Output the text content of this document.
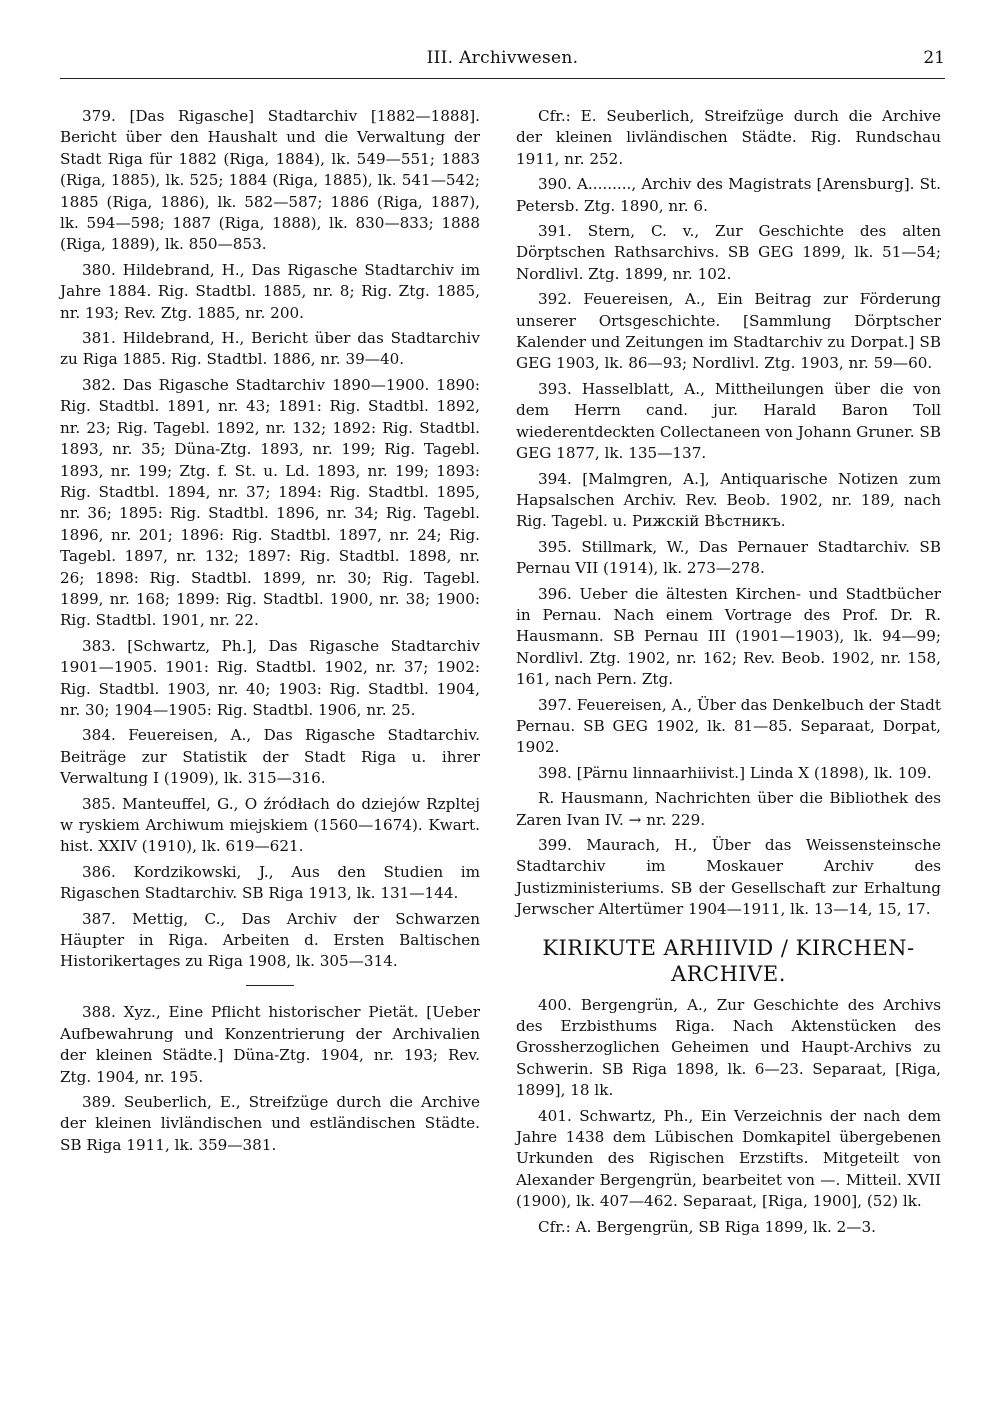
III. Archivwesen.	21

379. [Das Rigasche] Stadtarchiv [1882—1888]. Bericht über den Haushalt und die Verwaltung der Stadt Riga für 1882 (Riga, 1884), lk. 549—551; 1883 (Riga, 1885), lk. 525; 1884 (Riga, 1885), lk. 541—542; 1885 (Riga, 1886), lk. 582—587; 1886 (Riga, 1887), lk. 594—598; 1887 (Riga, 1888), lk. 830—833; 1888 (Riga, 1889), lk. 850—853.

380. Hildebrand, H., Das Rigasche Stadtarchiv im Jahre 1884. Rig. Stadtbl. 1885, nr. 8; Rig. Ztg. 1885, nr. 193; Rev. Ztg. 1885, nr. 200.

381. Hildebrand, H., Bericht über das Stadtarchiv zu Riga 1885. Rig. Stadtbl. 1886, nr. 39—40.

382. Das Rigasche Stadtarchiv 1890—1900. 1890: Rig. Stadtbl. 1891, nr. 43; 1891: Rig. Stadtbl. 1892, nr. 23; Rig. Tagebl. 1892, nr. 132; 1892: Rig. Stadtbl. 1893, nr. 35; Düna-Ztg. 1893, nr. 199; Rig. Tagebl. 1893, nr. 199; Ztg. f. St. u. Ld. 1893, nr. 199; 1893: Rig. Stadtbl. 1894, nr. 37; 1894: Rig. Stadtbl. 1895, nr. 36; 1895: Rig. Stadtbl. 1896, nr. 34; Rig. Tagebl. 1896, nr. 201; 1896: Rig. Stadtbl. 1897, nr. 24; Rig. Tagebl. 1897, nr. 132; 1897: Rig. Stadtbl. 1898, nr. 26; 1898: Rig. Stadtbl. 1899, nr. 30; Rig. Tagebl. 1899, nr. 168; 1899: Rig. Stadtbl. 1900, nr. 38; 1900: Rig. Stadtbl. 1901, nr. 22.

383. [Schwartz, Ph.], Das Rigasche Stadtarchiv 1901—1905. 1901: Rig. Stadtbl. 1902, nr. 37; 1902: Rig. Stadtbl. 1903, nr. 40; 1903: Rig. Stadtbl. 1904, nr. 30; 1904—1905: Rig. Stadtbl. 1906, nr. 25.

384. Feuereisen, A., Das Rigasche Stadtarchiv. Beiträge zur Statistik der Stadt Riga u. ihrer Verwaltung I (1909), lk. 315—316.

385. Manteuffel, G., O źródłach do dziejów Rzpltej w ryskiem Archiwum miejskiem (1560—1674). Kwart. hist. XXIV (1910), lk. 619—621.

386. Kordzikowski, J., Aus den Studien im Rigaschen Stadtarchiv. SB Riga 1913, lk. 131—144.

387. Mettig, C., Das Archiv der Schwarzen Häupter in Riga. Arbeiten d. Ersten Baltischen Historikertages zu Riga 1908, lk. 305—314.

388. Xyz., Eine Pflicht historischer Pietät. [Ueber Aufbewahrung und Konzentrierung der Archivalien der kleinen Städte.] Düna-Ztg. 1904, nr. 193; Rev. Ztg. 1904, nr. 195.

389. Seuberlich, E., Streifzüge durch die Archive der kleinen livländischen und estländischen Städte. SB Riga 1911, lk. 359—381.

Cfr.: E. Seuberlich, Streifzüge durch die Archive der kleinen livländischen Städte. Rig. Rundschau 1911, nr. 252.

390. A........., Archiv des Magistrats [Arensburg]. St. Petersb. Ztg. 1890, nr. 6.

391. Stern, C. v., Zur Geschichte des alten Dörptschen Rathsarchivs. SB GEG 1899, lk. 51—54; Nordlivl. Ztg. 1899, nr. 102.

392. Feuereisen, A., Ein Beitrag zur Förderung unserer Ortsgeschichte. [Sammlung Dörptscher Kalender und Zeitungen im Stadtarchiv zu Dorpat.] SB GEG 1903, lk. 86—93; Nordlivl. Ztg. 1903, nr. 59—60.

393. Hasselblatt, A., Mittheilungen über die von dem Herrn cand. jur. Harald Baron Toll wiederentdeckten Collectaneen von Johann Gruner. SB GEG 1877, lk. 135—137.

394. [Malmgren, A.], Antiquarische Notizen zum Hapsalschen Archiv. Rev. Beob. 1902, nr. 189, nach Rig. Tagebl. u. Рижскій Вѣстникъ.

395. Stillmark, W., Das Pernauer Stadtarchiv. SB Pernau VII (1914), lk. 273—278.

396. Ueber die ältesten Kirchen- und Stadtbücher in Pernau. Nach einem Vortrage des Prof. Dr. R. Hausmann. SB Pernau III (1901—1903), lk. 94—99; Nordlivl. Ztg. 1902, nr. 162; Rev. Beob. 1902, nr. 158, 161, nach Pern. Ztg.

397. Feuereisen, A., Über das Denkelbuch der Stadt Pernau. SB GEG 1902, lk. 81—85. Separaat, Dorpat, 1902.

398. [Pärnu linnaarhiivist.] Linda X (1898), lk. 109.

R. Hausmann, Nachrichten über die Bibliothek des Zaren Ivan IV. → nr. 229.

399. Maurach, H., Über das Weissensteinsche Stadtarchiv im Moskauer Archiv des Justizministeriums. SB der Gesellschaft zur Erhaltung Jerwscher Altertümer 1904—1911, lk. 13—14, 15, 17.

KIRIKUTE ARHIIVID / KIRCHEN-ARCHIVE.

400. Bergengrün, A., Zur Geschichte des Archivs des Erzbisthums Riga. Nach Aktenstücken des Grossherzoglichen Geheimen und Haupt-Archivs zu Schwerin. SB Riga 1898, lk. 6—23. Separaat, [Riga, 1899], 18 lk.

401. Schwartz, Ph., Ein Verzeichnis der nach dem Jahre 1438 dem Lübischen Domkapitel übergebenen Urkunden des Rigischen Erzstifts. Mitgeteilt von Alexander Bergengrün, bearbeitet von —. Mitteil. XVII (1900), lk. 407—462. Separaat, [Riga, 1900], (52) lk.

Cfr.: A. Bergengrün, SB Riga 1899, lk. 2—3.
